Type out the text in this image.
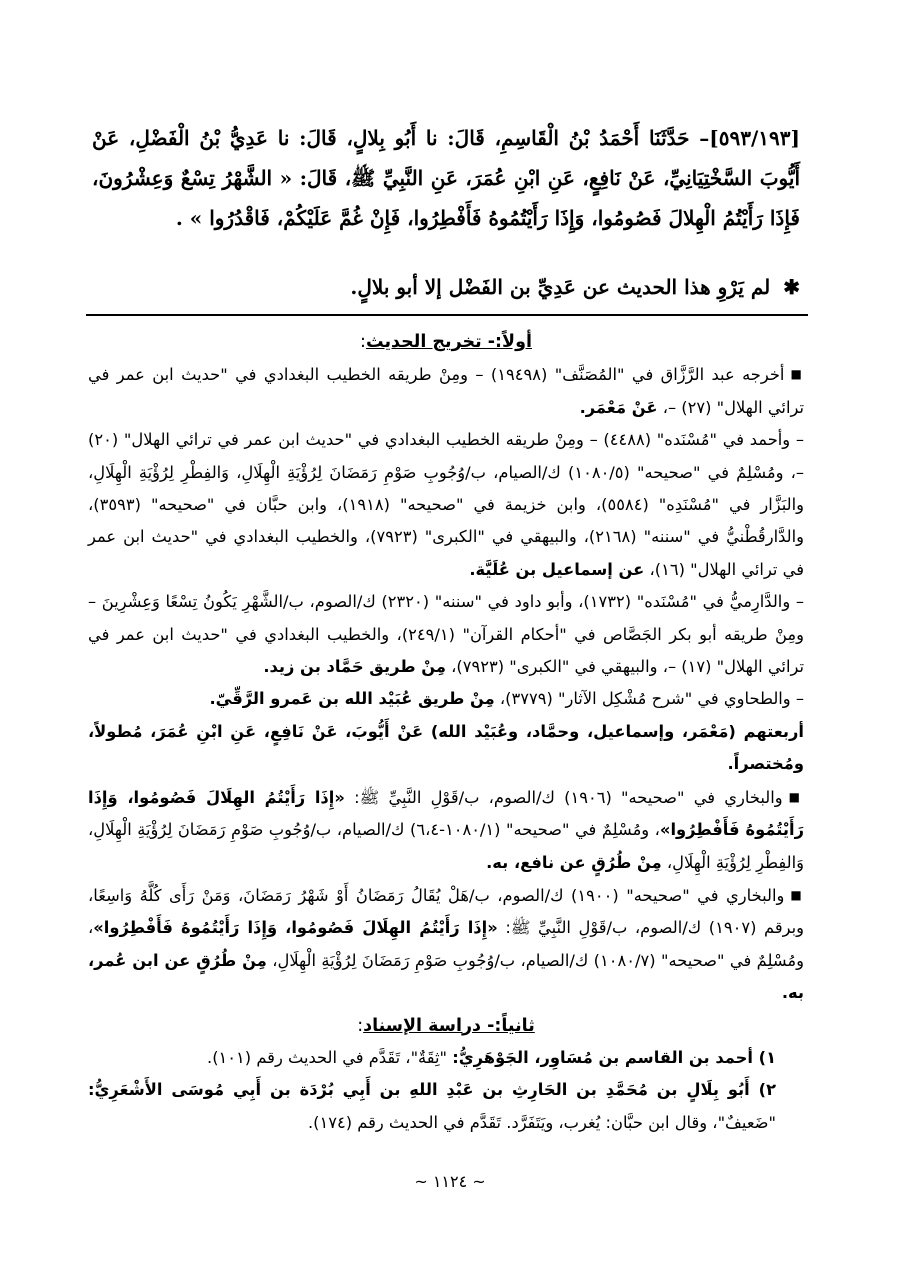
[٥٩٣/١٩٣]– حَدَّثَنَا أَحْمَدُ بْنُ الْقَاسِمِ، قَالَ: نا أَبُو بِلالٍ، قَالَ: نا عَدِيُّ بْنُ الْفَضْلِ، عَنْ أَيُّوبَ السَّخْتِيَانِيِّ، عَنْ نَافِعٍ، عَنِ ابْنِ عُمَرَ، عَنِ النَّبِيِّ ﷺ، قَالَ: « الشَّهْرُ تِسْعٌ وَعِشْرُونَ، فَإِذَا رَأَيْتُمُ الْهِلالَ فَصُومُوا، وَإِذَا رَأَيْتُمُوهُ فَأَفْطِرُوا، فَإِنْ غُمَّ عَلَيْكُمْ، فَاقْدُرُوا » .

✱ لم يَرْوِ هذا الحديث عن عَدِيِّ بن الفَضْل إلا أبو بلالٍ.

أولاً:- تخريج الحديث:

■أخرجه عبد الرَّزَّاق في "المُصَنَّف" (١٩٤٩٨) – ومِنْ طريقه الخطيب البغدادي في "حديث ابن عمر في ترائي الهلال" (٢٧) –، عَنْ مَعْمَر.

– وأحمد في "مُسْنَده" (٤٤٨٨) – ومِنْ طريقه الخطيب البغدادي في "حديث ابن عمر في ترائي الهلال" (٢٠) –، ومُسْلِمٌ في "صحيحه" (١٠٨٠/٥) ك/الصيام، ب/وُجُوبِ صَوْمِ رَمَضَانَ لِرُؤْيَةِ الْهِلَالِ، وَالفِطْرِ لِرُؤْيَةِ الْهِلَالِ، والبَزَّار في "مُسْنَدِه" (٥٥٨٤)، وابن خزيمة في "صحيحه" (١٩١٨)، وابن حبَّان في "صحيحه" (٣٥٩٣)، والدَّارقُطْنيُّ في "سننه" (٢١٦٨)، والبيهقي في "الكبرى" (٧٩٢٣)، والخطيب البغدادي في "حديث ابن عمر في ترائي الهلال" (١٦)، عن إسماعيل بن عُلَيَّة.

– والدَّارِميُّ في "مُسْنَده" (١٧٣٢)، وأبو داود في "سننه" (٢٣٢٠) ك/الصوم، ب/الشَّهْرِ يَكُونُ تِسْعًا وَعِشْرِينَ – ومِنْ طريقه أبو بكر الجَصَّاص في "أحكام القرآن" (٢٤٩/١)، والخطيب البغدادي في "حديث ابن عمر في ترائي الهلال" (١٧) –، والبيهقي في "الكبرى" (٧٩٢٣)، مِنْ طريق حَمَّاد بن زيد.

– والطحاوي في "شرح مُشْكِل الآثار" (٣٧٧٩)، مِنْ طريق عُبَيْد الله بن عَمرو الرَّقِّيّ.

أربعتهم (مَعْمَر، وإسماعيل، وحمَّاد، وعُبَيْد الله) عَنْ أَيُّوبَ، عَنْ نَافِعٍ، عَنِ ابْنِ عُمَرَ، مُطولاً، ومُختصراً.

■والبخاري في "صحيحه" (١٩٠٦) ك/الصوم، ب/قَوْلِ النَّبِيِّ ﷺ: «إِذَا رَأَيْتُمُ الهِلَالَ فَصُومُوا، وَإِذَا رَأَيْتُمُوهُ فَأَفْطِرُوا»، ومُسْلِمٌ في "صحيحه" (١٠٨٠/١-٦،٤) ك/الصيام، ب/وُجُوبِ صَوْمِ رَمَضَانَ لِرُؤْيَةِ الْهِلَالِ، وَالفِطْرِ لِرُؤْيَةِ الْهِلَالِ، مِنْ طُرُقٍ عن نافع، به.

■والبخاري في "صحيحه" (١٩٠٠) ك/الصوم، ب/هَلْ يُقَالُ رَمَضَانُ أَوْ شَهْرُ رَمَضَانَ، وَمَنْ رَأَى كُلَّهُ وَاسِعًا، وبرقم (١٩٠٧) ك/الصوم، ب/قَوْلِ النَّبِيِّ ﷺ: «إِذَا رَأَيْتُمُ الهِلَالَ فَصُومُوا، وَإِذَا رَأَيْتُمُوهُ فَأَفْطِرُوا»، ومُسْلِمٌ في "صحيحه" (١٠٨٠/٧) ك/الصيام، ب/وُجُوبِ صَوْمِ رَمَضَانَ لِرُؤْيَةِ الْهِلَالِ، مِنْ طُرُقٍ عن ابن عُمر، به.

ثانياً:- دراسة الإسناد:

١) أحمد بن القاسم بن مُسَاوِر، الجَوْهَرِيُّ: "ثِقَةٌ"، تَقَدَّم في الحديث رقم (١٠١).

٢) أَبُو بِلَالٍ بن مُحَمَّدِ بن الحَارِثِ بن عَبْدِ اللهِ بن أَبِي بُرْدَة بن أَبِي مُوسَى الأَشْعَرِيُّ: "ضَعيفٌ"، وقال ابن حبَّان: يُغرب، ويَتَفَرَّد. تَقَدَّم في الحديث رقم (١٧٤).

~ ١١٢٤ ~
